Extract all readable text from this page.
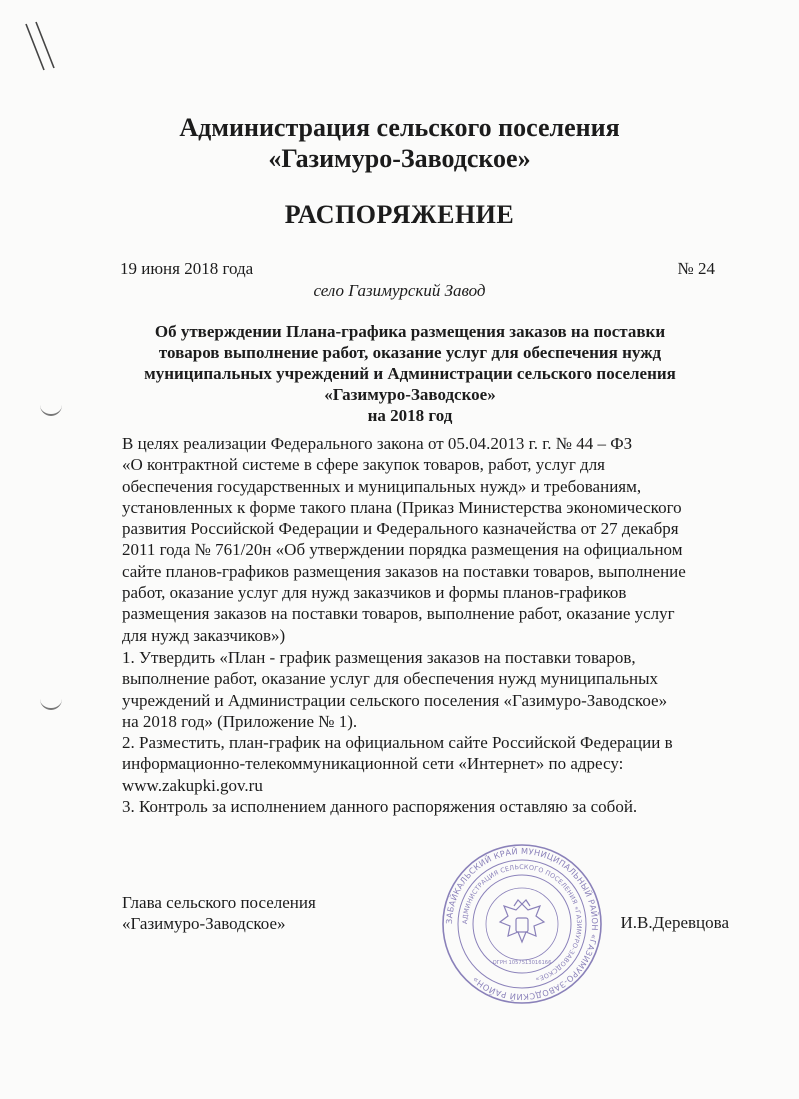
Администрация сельского поселения
«Газимуро-Заводское»
РАСПОРЯЖЕНИЕ
19 июня 2018 года	№ 24
село Газимурский Завод
Об утверждении Плана-графика размещения заказов на поставки
товаров выполнение работ, оказание услуг для обеспечения нужд
муниципальных учреждений и Администрации сельского поселения
«Газимуро-Заводское»
на 2018 год
В целях реализации Федерального закона от 05.04.2013 г. г. № 44 – ФЗ
«О контрактной системе в сфере закупок товаров, работ, услуг для
обеспечения государственных и муниципальных нужд» и требованиям,
установленных к форме такого плана (Приказ Министерства экономического
развития Российской Федерации и Федерального казначейства от 27 декабря
2011 года № 761/20н «Об утверждении порядка размещения на официальном
сайте планов-графиков размещения заказов на поставки товаров, выполнение
работ, оказание услуг для нужд заказчиков и формы планов-графиков
размещения заказов на поставки товаров, выполнение работ, оказание услуг
для нужд заказчиков»)

1. Утвердить «План - график размещения заказов на поставки товаров,
выполнение работ, оказание услуг для обеспечения нужд муниципальных
учреждений и Администрации сельского поселения «Газимуро-Заводское»
на 2018 год» (Приложение № 1).

2. Разместить, план-график на официальном сайте Российской Федерации в
информационно-телекоммуникационной сети «Интернет» по адресу:
www.zakupki.gov.ru

3. Контроль за исполнением данного распоряжения оставляю за собой.

Глава сельского поселения
«Газимуро-Заводское»	И.В.Деревцова
ЗАБАЙКАЛЬСКИЙ КРАЙ МУНИЦИПАЛЬНЫЙ РАЙОН «ГАЗИМУРО-ЗАВОДСКИЙ РАЙОН»
АДМИНИСТРАЦИЯ СЕЛЬСКОГО ПОСЕЛЕНИЯ «ГАЗИМУРО-ЗАВОДСКОЕ»
ОГРН 1057513016166
